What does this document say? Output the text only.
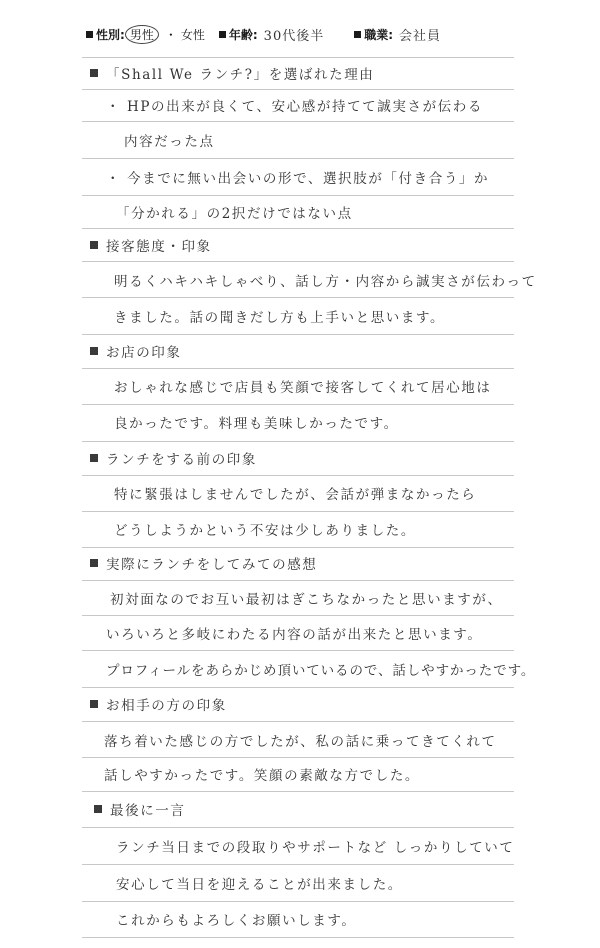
性別: 男性 ・ 女性 年齢: 30代後半	職業: 会社員
「Shall We ランチ?」を選ばれた理由
・ HPの出来が良くて、安心感が持てて誠実さが伝わる
内容だった点
・ 今までに無い出会いの形で、選択肢が「付き合う」か
「分かれる」の2択だけではない点
接客態度・印象
明るくハキハキしゃべり、話し方・内容から誠実さが伝わって
きました。話の聞きだし方も上手いと思います。
お店の印象
おしゃれな感じで店員も笑顔で接客してくれて居心地は
良かったです。料理も美味しかったです。
ランチをする前の印象
特に緊張はしませんでしたが、会話が弾まなかったら
どうしようかという不安は少しありました。
実際にランチをしてみての感想
初対面なのでお互い最初はぎこちなかったと思いますが、
いろいろと多岐にわたる内容の話が出来たと思います。
プロフィールをあらかじめ頂いているので、話しやすかったです。
お相手の方の印象
落ち着いた感じの方でしたが、私の話に乗ってきてくれて
話しやすかったです。笑顔の素敵な方でした。
最後に一言
ランチ当日までの段取りやサポートなど しっかりしていて
安心して当日を迎えることが出来ました。
これからもよろしくお願いします。
